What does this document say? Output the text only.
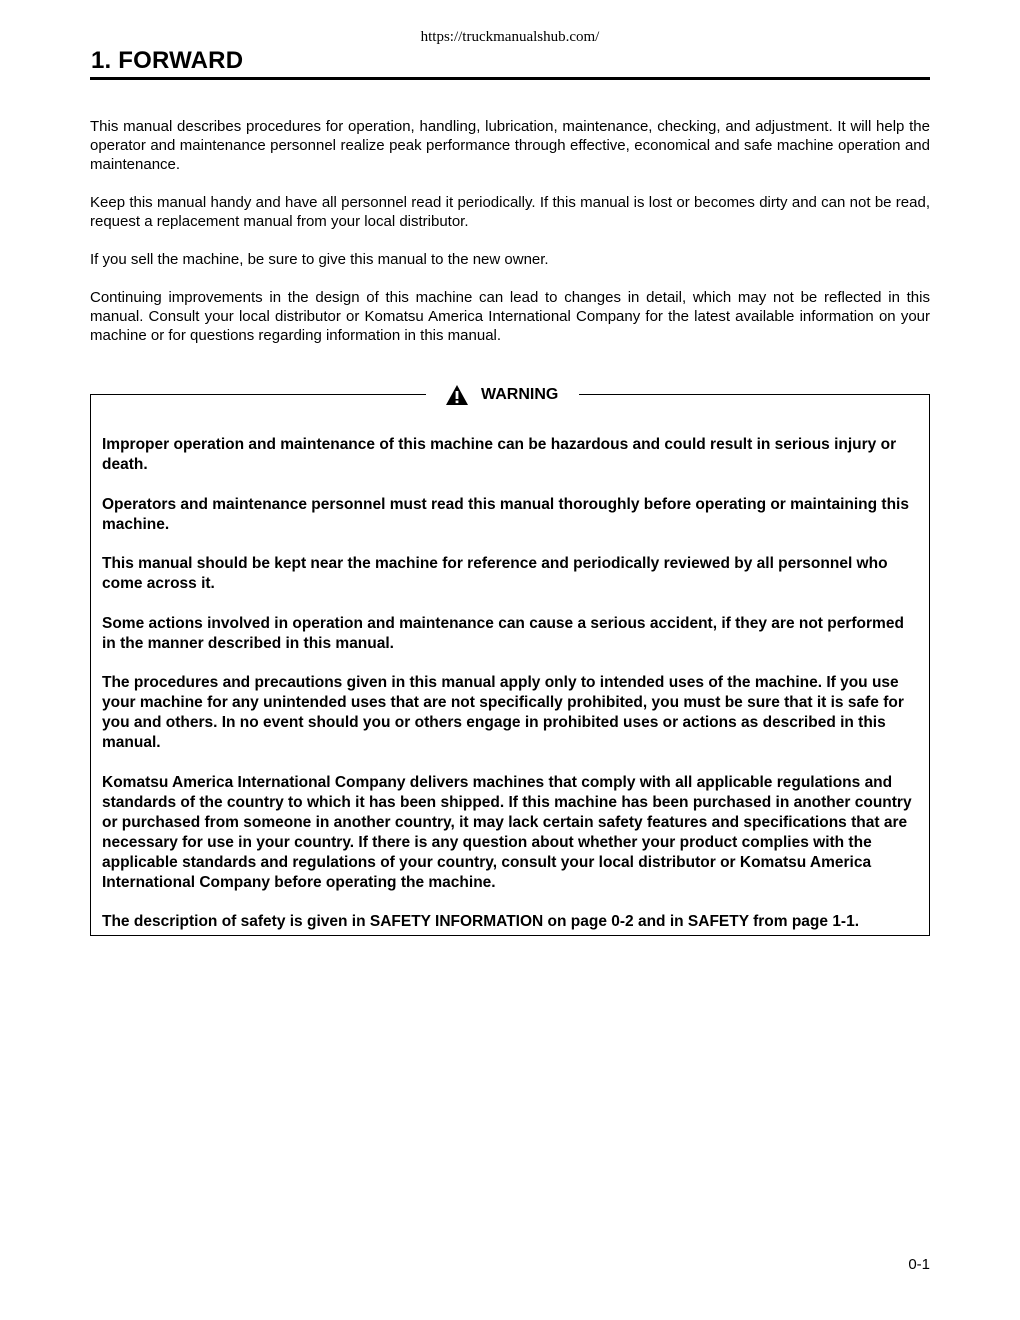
https://truckmanualshub.com/
1. FORWARD

This manual describes procedures for operation, handling, lubrication, maintenance, checking, and adjustment. It will help the operator and maintenance personnel realize peak performance through effective, economical and safe machine operation and maintenance.

Keep this manual handy and have all personnel read it periodically. If this manual is lost or becomes dirty and can not be read, request a replacement manual from your local distributor.

If you sell the machine, be sure to give this manual to the new owner.

Continuing improvements in the design of this machine can lead to changes in detail, which may not be reflected in this manual. Consult your local distributor or Komatsu America International Company for the latest available information on your machine or for questions regarding information in this manual.

WARNING

Improper operation and maintenance of this machine can be hazardous and could result in serious injury or death.

Operators and maintenance personnel must read this manual thoroughly before operating or maintaining this machine.

This manual should be kept near the machine for reference and periodically reviewed by all personnel who come across it.

Some actions involved in operation and maintenance can cause a serious accident, if they are not performed in the manner described in this manual.

The procedures and precautions given in this manual apply only to intended uses of the machine. If you use your machine for any unintended uses that are not specifically prohibited, you must be sure that it is safe for you and others. In no event should you or others engage in prohibited uses or actions as described in this manual.

Komatsu America International Company delivers machines that comply with all applicable regulations and standards of the country to which it has been shipped. If this machine has been purchased in another country or purchased from someone in another country, it may lack certain safety features and specifications that are necessary for use in your country. If there is any question about whether your product complies with the applicable standards and regulations of your country, consult your local distributor or Komatsu America International Company before operating the machine.

The description of safety is given in SAFETY INFORMATION on page 0-2 and in SAFETY from page 1-1.

0-1
